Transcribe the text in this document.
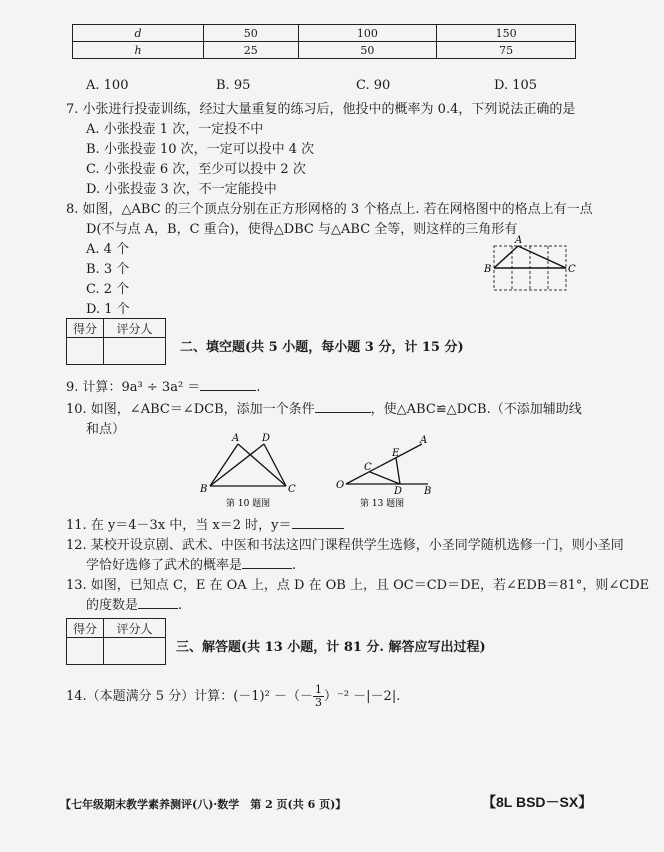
d	50	100	150
h	25	50	75
A. 100	B. 95	C. 90	D. 105
7. 小张进行投壶训练，经过大量重复的练习后，他投中的概率为 0.4，下列说法正确的是
A. 小张投壶 1 次，一定投不中
B. 小张投壶 10 次，一定可以投中 4 次
C. 小张投壶 6 次，至少可以投中 2 次
D. 小张投壶 3 次，不一定能投中
8. 如图，△ABC 的三个顶点分别在正方形网格的 3 个格点上. 若在网格图中的格点上有一点
D(不与点 A，B，C 重合)，使得△DBC 与△ABC 全等，则这样的三角形有
A. 4 个
B. 3 个
C. 2 个
D. 1 个
A
B	C
得分	评分人

二、填空题(共 5 小题，每小题 3 分，计 15 分)
9. 计算：9a³ ÷ 3a² ＝	.
10. 如图，∠ABC＝∠DCB，添加一个条件	，使△ABC≌△DCB.（不添加辅助线
和点）
A D
B	C
第 10 题图
A
E
C
D
O
B
第 13 题图
11. 在 y＝4－3x 中，当 x＝2 时，y＝
12. 某校开设京剧、武术、中医和书法这四门课程供学生选修，小圣同学随机选修一门，则小圣同
学恰好选修了武术的概率是	.
13. 如图，已知点 C，E 在 OA 上，点 D 在 OB 上，且 OC＝CD＝DE，若∠EDB＝81°，则∠CDE
的度数是	.
得分	评分人

三、解答题(共 13 小题，计 81 分. 解答应写出过程)
14.（本题满分 5 分）计算：(－1)² －（－ $\frac{1}{3} )^{-2} -|-2|$.
【七年级期末教学素养测评(八)·数学　第 2 页(共 6 页)】	【8L BSD－SX】
